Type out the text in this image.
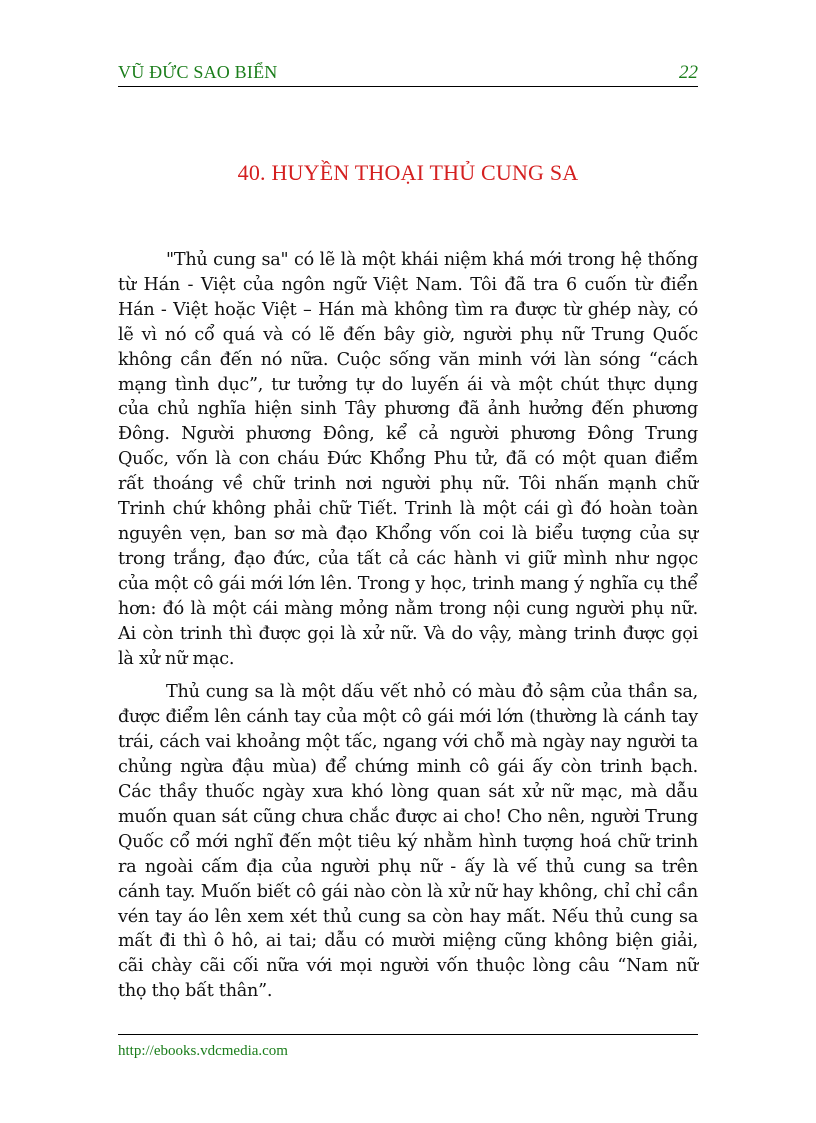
VŨ ĐỨC SAO BIỂN	22
40. HUYỀN THOẠI THỦ CUNG SA

"Thủ cung sa" có lẽ là một khái niệm khá mới trong hệ thống từ Hán - Việt của ngôn ngữ Việt Nam. Tôi đã tra 6 cuốn từ điển Hán - Việt hoặc Việt – Hán mà không tìm ra được từ ghép này, có lẽ vì nó cổ quá và có lẽ đến bây giờ, người phụ nữ Trung Quốc không cần đến nó nữa. Cuộc sống văn minh với làn sóng “cách mạng tình dục”, tư tưởng tự do luyến ái và một chút thực dụng của chủ nghĩa hiện sinh Tây phương đã ảnh hưởng đến phương Đông. Người phương Đông, kể cả người phương Đông Trung Quốc, vốn là con cháu Đức Khổng Phu tử, đã có một quan điểm rất thoáng về chữ trinh nơi người phụ nữ. Tôi nhấn mạnh chữ Trinh chứ không phải chữ Tiết. Trinh là một cái gì đó hoàn toàn nguyên vẹn, ban sơ mà đạo Khổng vốn coi là biểu tượng của sự trong trắng, đạo đức, của tất cả các hành vi giữ mình như ngọc của một cô gái mới lớn lên. Trong y học, trinh mang ý nghĩa cụ thể hơn: đó là một cái màng mỏng nằm trong nội cung người phụ nữ. Ai còn trinh thì được gọi là xử nữ. Và do vậy, màng trinh được gọi là xử nữ mạc.

Thủ cung sa là một dấu vết nhỏ có màu đỏ sậm của thần sa, được điểm lên cánh tay của một cô gái mới lớn (thường là cánh tay trái, cách vai khoảng một tấc, ngang với chỗ mà ngày nay người ta chủng ngừa đậu mùa) để chứng minh cô gái ấy còn trinh bạch. Các thầy thuốc ngày xưa khó lòng quan sát xử nữ mạc, mà dẫu muốn quan sát cũng chưa chắc được ai cho! Cho nên, người Trung Quốc cổ mới nghĩ đến một tiêu ký nhằm hình tượng hoá chữ trinh ra ngoài cấm địa của người phụ nữ - ấy là vế thủ cung sa trên cánh tay. Muốn biết cô gái nào còn là xử nữ hay không, chỉ chỉ cần vén tay áo lên xem xét thủ cung sa còn hay mất. Nếu thủ cung sa mất đi thì ô hô, ai tai; dẫu có mười miệng cũng không biện giải, cãi chày cãi cối nữa với mọi người vốn thuộc lòng câu “Nam nữ thọ thọ bất thân”.

http://ebooks.vdcmedia.com
